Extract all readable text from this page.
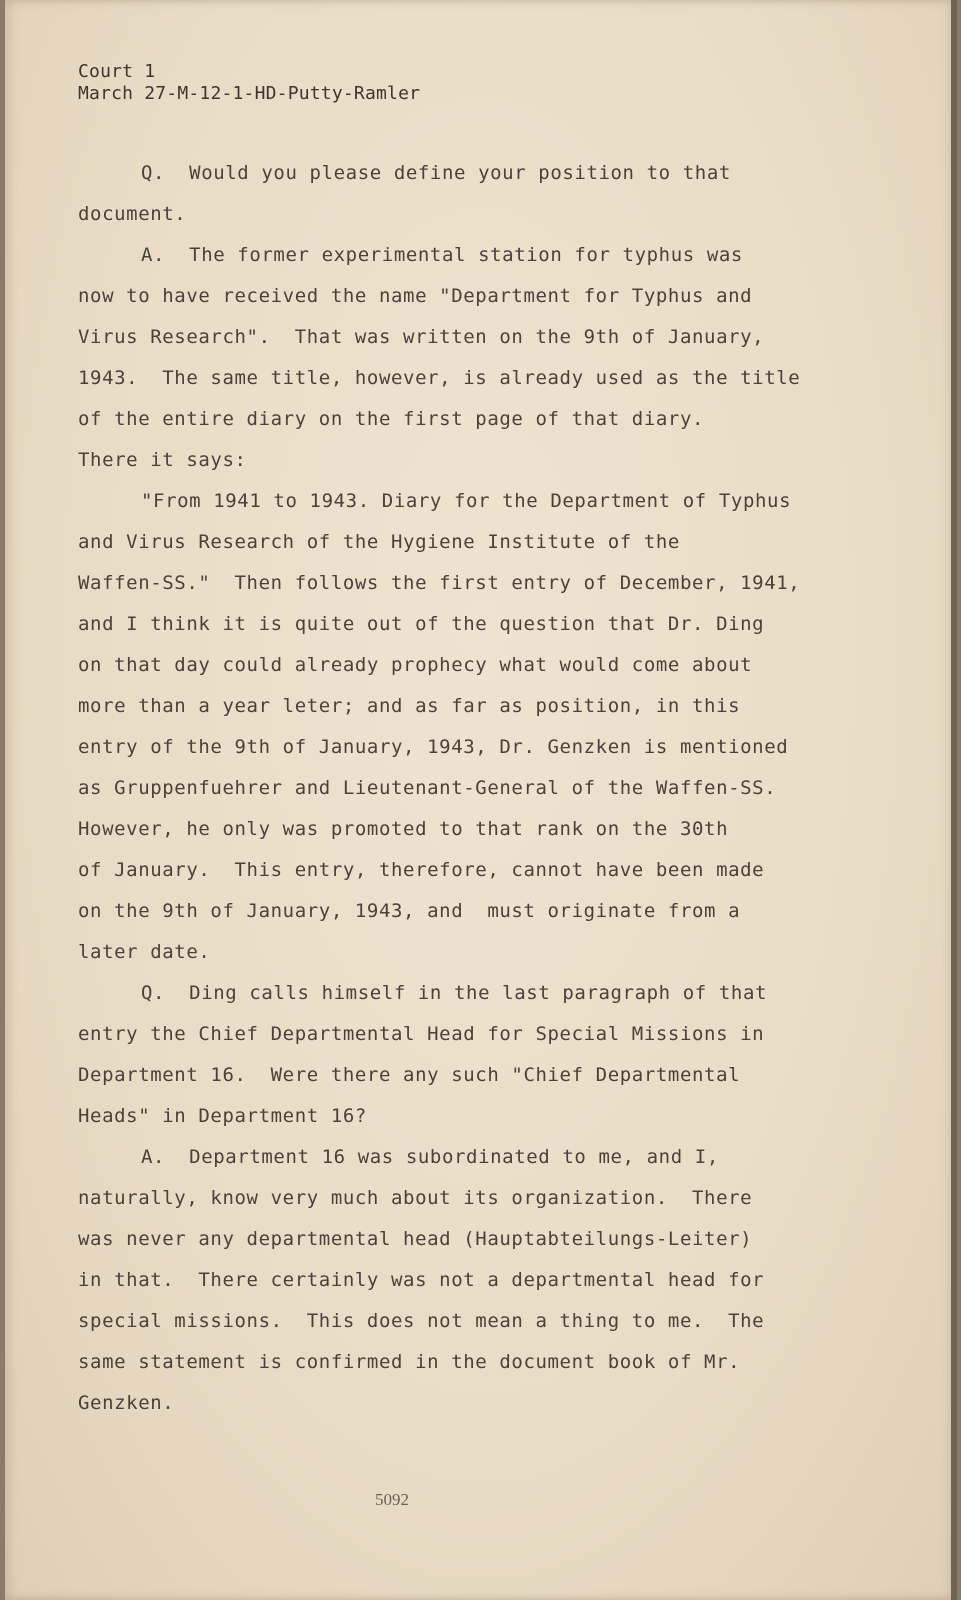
Court 1
March 27-M-12-1-HD-Putty-Ramler
Q.  Would you please define your position to that
document.
A.  The former experimental station for typhus was
now to have received the name "Department for Typhus and
Virus Research".  That was written on the 9th of January,
1943.  The same title, however, is already used as the title
of the entire diary on the first page of that diary.
There it says:
"From 1941 to 1943. Diary for the Department of Typhus
and Virus Research of the Hygiene Institute of the
Waffen-SS."  Then follows the first entry of December, 1941,
and I think it is quite out of the question that Dr. Ding
on that day could already prophecy what would come about
more than a year leter; and as far as position, in this
entry of the 9th of January, 1943, Dr. Genzken is mentioned
as Gruppenfuehrer and Lieutenant-General of the Waffen-SS.
However, he only was promoted to that rank on the 30th
of January.  This entry, therefore, cannot have been made
on the 9th of January, 1943, and  must originate from a
later date.
Q.  Ding calls himself in the last paragraph of that
entry the Chief Departmental Head for Special Missions in
Department 16.  Were there any such "Chief Departmental
Heads" in Department 16?
A.  Department 16 was subordinated to me, and I,
naturally, know very much about its organization.  There
was never any departmental head (Hauptabteilungs-Leiter)
in that.  There certainly was not a departmental head for
special missions.  This does not mean a thing to me.  The
same statement is confirmed in the document book of Mr.
Genzken.
5092
